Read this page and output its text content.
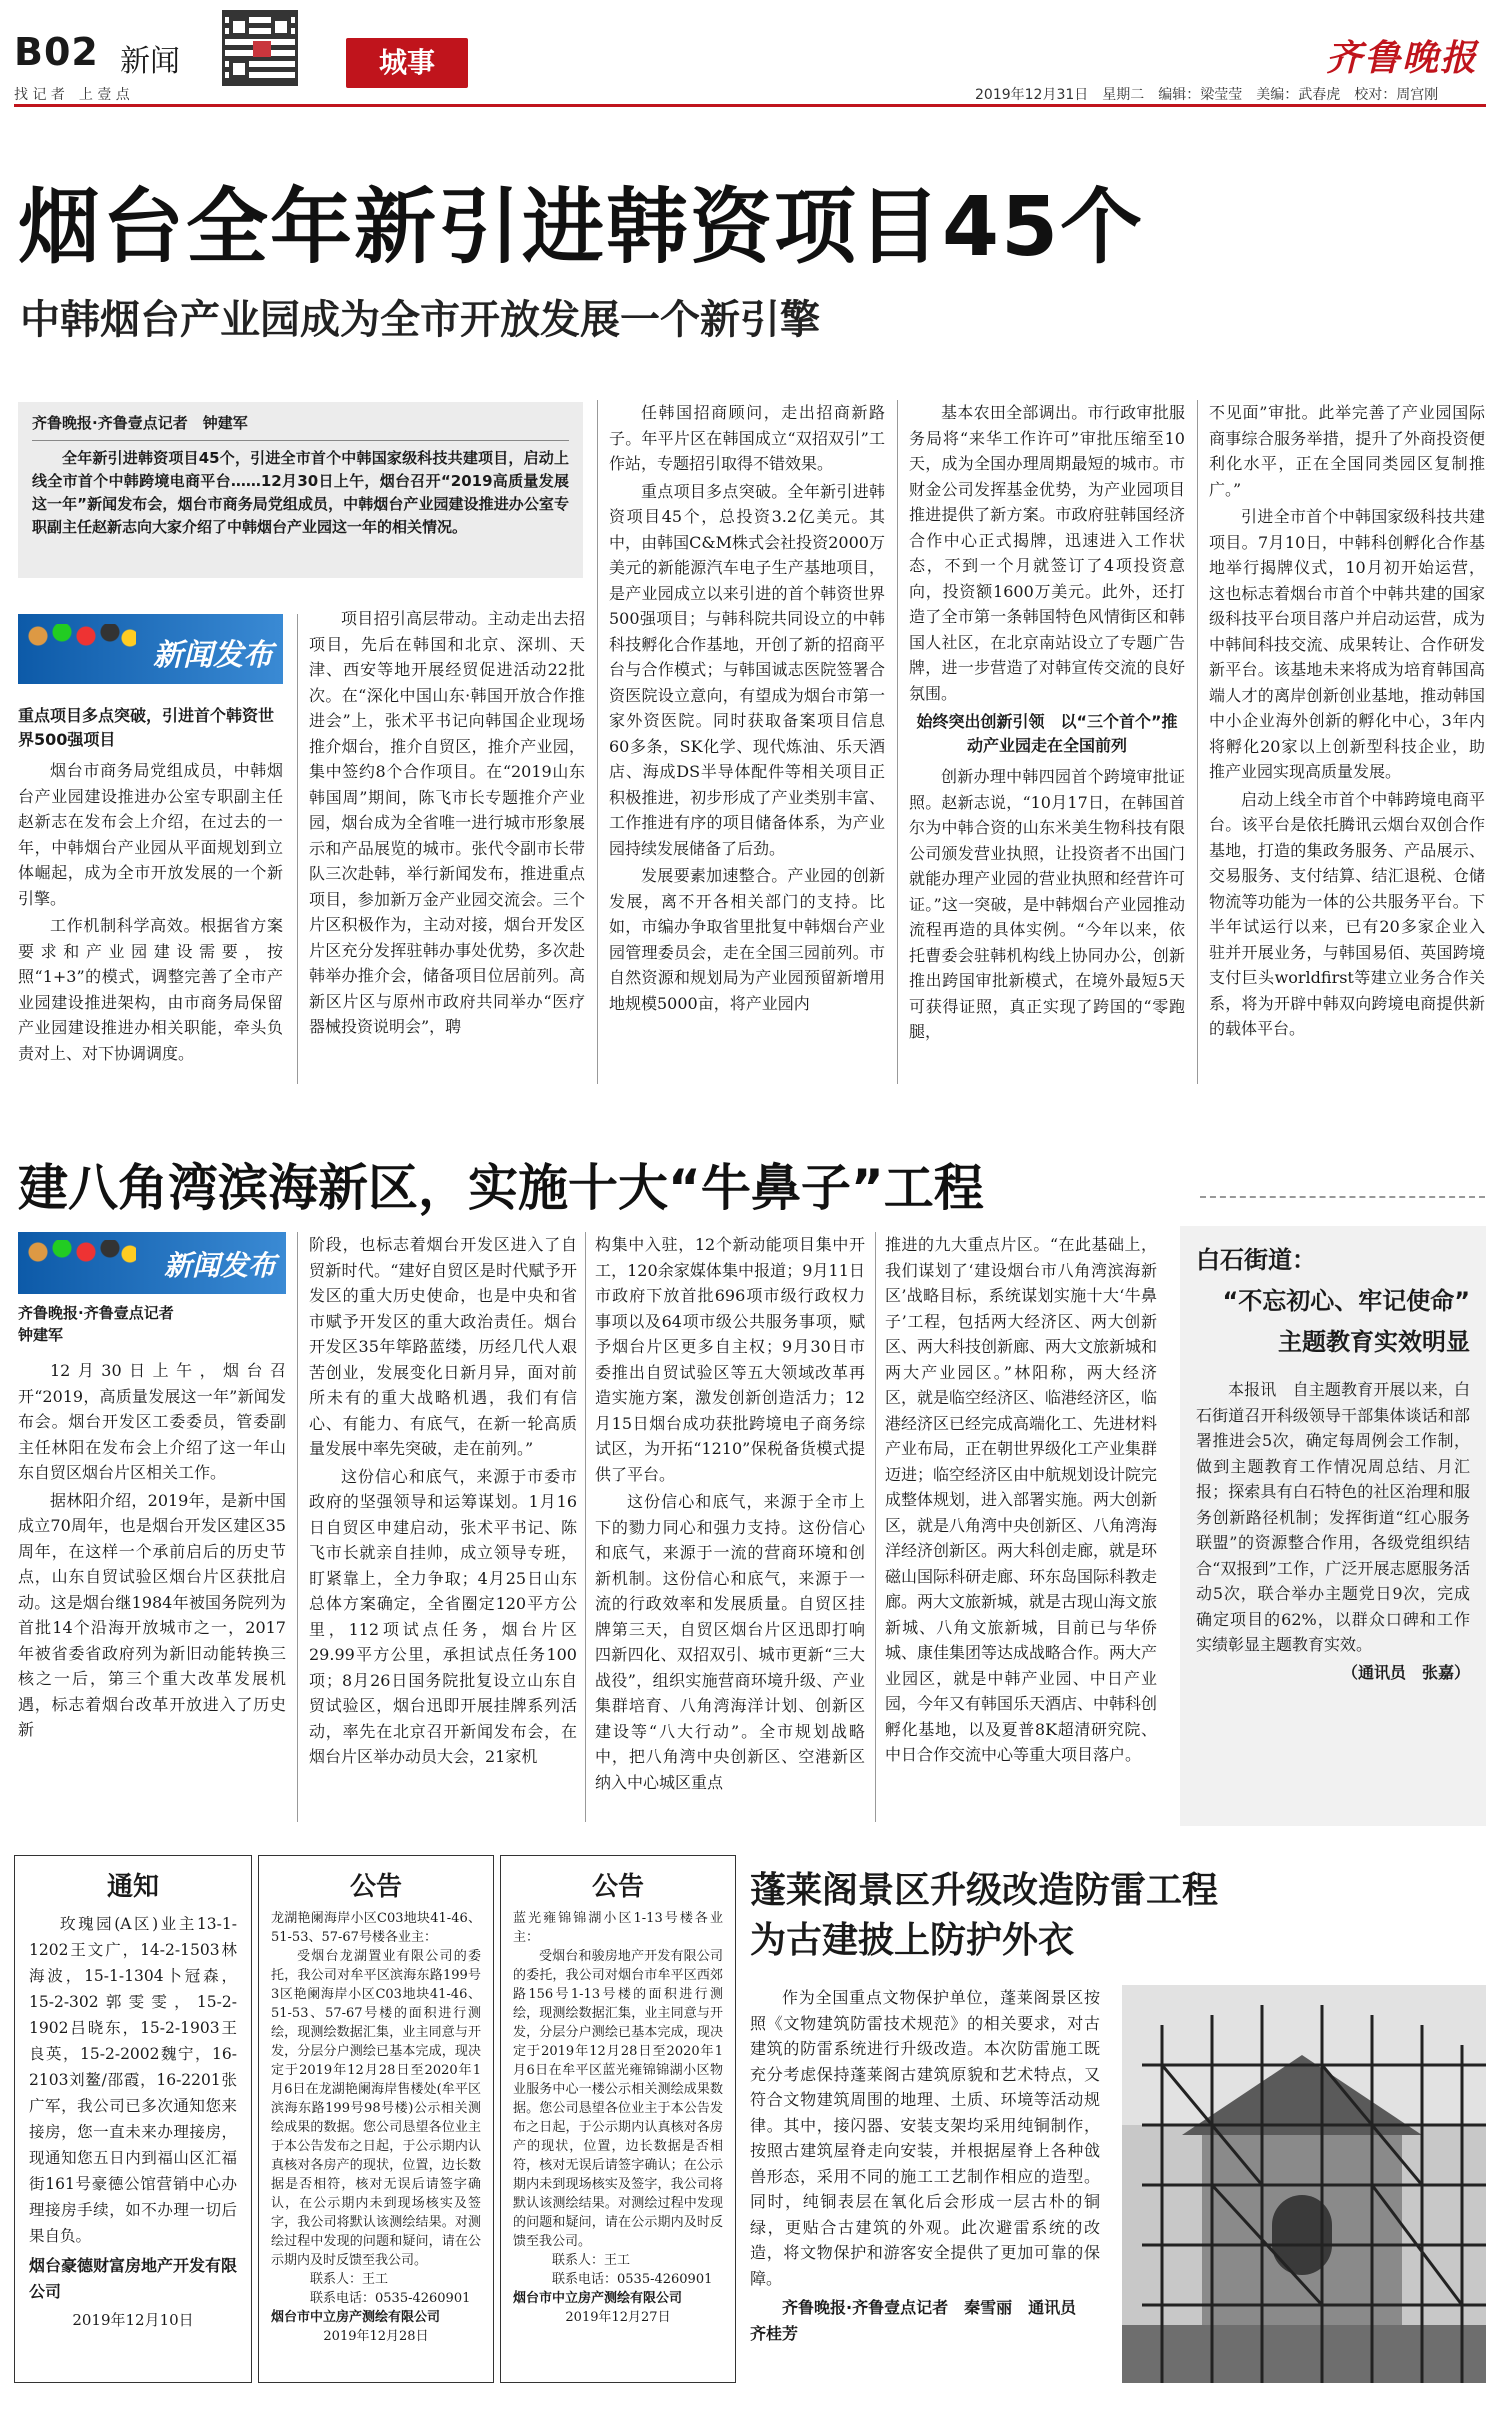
B02 新闻
找 记 者　上 壹 点
城事	齐鲁晚报
2019年12月31日　星期二　编辑：梁莹莹　美编：武春虎　校对：周宫刚
烟台全年新引进韩资项目45个
中韩烟台产业园成为全市开放发展一个新引擎
齐鲁晚报·齐鲁壹点记者　钟建军

全年新引进韩资项目45个，引进全市首个中韩国家级科技共建项目，启动上线全市首个中韩跨境电商平台……12月30日上午，烟台召开“2019高质量发展这一年”新闻发布会，烟台市商务局党组成员，中韩烟台产业园建设推进办公室专职副主任赵新志向大家介绍了中韩烟台产业园这一年的相关情况。

新闻发布
重点项目多点突破，引进首个韩资世界500强项目

烟台市商务局党组成员，中韩烟台产业园建设推进办公室专职副主任赵新志在发布会上介绍，在过去的一年，中韩烟台产业园从平面规划到立体崛起，成为全市开放发展的一个新引擎。

工作机制科学高效。根据省方案要求和产业园建设需要，按照“1+3”的模式，调整完善了全市产业园建设推进架构，由市商务局保留产业园建设推进办相关职能，牵头负责对上、对下协调调度。

项目招引高层带动。主动走出去招项目，先后在韩国和北京、深圳、天津、西安等地开展经贸促进活动22批次。在“深化中国山东·韩国开放合作推进会”上，张术平书记向韩国企业现场推介烟台，推介自贸区，推介产业园，集中签约8个合作项目。在“2019山东韩国周”期间，陈飞市长专题推介产业园，烟台成为全省唯一进行城市形象展示和产品展览的城市。张代令副市长带队三次赴韩，举行新闻发布，推进重点项目，参加新万金产业园交流会。三个片区积极作为，主动对接，烟台开发区片区充分发挥驻韩办事处优势，多次赴韩举办推介会，储备项目位居前列。高新区片区与原州市政府共同举办“医疗器械投资说明会”，聘

任韩国招商顾问，走出招商新路子。年平片区在韩国成立“双招双引”工作站，专题招引取得不错效果。

重点项目多点突破。全年新引进韩资项目45个，总投资3.2亿美元。其中，由韩国C&M株式会社投资2000万美元的新能源汽车电子生产基地项目，是产业园成立以来引进的首个韩资世界500强项目；与韩科院共同设立的中韩科技孵化合作基地，开创了新的招商平台与合作模式；与韩国诚志医院签署合资医院设立意向，有望成为烟台市第一家外资医院。同时获取备案项目信息60多条，SK化学、现代炼油、乐天酒店、海成DS半导体配件等相关项目正积极推进，初步形成了产业类别丰富、工作推进有序的项目储备体系，为产业园持续发展储备了后劲。

发展要素加速整合。产业园的创新发展，离不开各相关部门的支持。比如，市编办争取省里批复中韩烟台产业园管理委员会，走在全国三园前列。市自然资源和规划局为产业园预留新增用地规模5000亩，将产业园内

基本农田全部调出。市行政审批服务局将“来华工作许可”审批压缩至10天，成为全国办理周期最短的城市。市财金公司发挥基金优势，为产业园项目推进提供了新方案。市政府驻韩国经济合作中心正式揭牌，迅速进入工作状态，不到一个月就签订了4项投资意向，投资额1600万美元。此外，还打造了全市第一条韩国特色风情街区和韩国人社区，在北京南站设立了专题广告牌，进一步营造了对韩宣传交流的良好氛围。

始终突出创新引领　以“三个首个”推动产业园走在全国前列

创新办理中韩四园首个跨境审批证照。赵新志说，“10月17日，在韩国首尔为中韩合资的山东米美生物科技有限公司颁发营业执照，让投资者不出国门就能办理产业园的营业执照和经营许可证。”这一突破，是中韩烟台产业园推动流程再造的具体实例。“今年以来，依托曹委会驻韩机构线上协同办公，创新推出跨国审批新模式，在境外最短5天可获得证照，真正实现了跨国的“零跑腿，

不见面”审批。此举完善了产业园国际商事综合服务举措，提升了外商投资便利化水平，正在全国同类园区复制推广。”

引进全市首个中韩国家级科技共建项目。7月10日，中韩科创孵化合作基地举行揭牌仪式，10月初开始运营，这也标志着烟台市首个中韩共建的国家级科技平台项目落户并启动运营，成为中韩间科技交流、成果转让、合作研发新平台。该基地未来将成为培育韩国高端人才的离岸创新创业基地，推动韩国中小企业海外创新的孵化中心，3年内将孵化20家以上创新型科技企业，助推产业园实现高质量发展。

启动上线全市首个中韩跨境电商平台。该平台是依托腾讯云烟台双创合作基地，打造的集政务服务、产品展示、交易服务、支付结算、结汇退税、仓储物流等功能为一体的公共服务平台。下半年试运行以来，已有20多家企业入驻并开展业务，与韩国易佰、英国跨境支付巨头worldfirst等建立业务合作关系，将为开辟中韩双向跨境电商提供新的载体平台。

建八角湾滨海新区，实施十大“牛鼻子”工程
新闻发布
齐鲁晚报·齐鲁壹点记者　钟建军

12月30日上午，烟台召开“2019，高质量发展这一年”新闻发布会。烟台开发区工委委员，管委副主任林阳在发布会上介绍了这一年山东自贸区烟台片区相关工作。

据林阳介绍，2019年，是新中国成立70周年，也是烟台开发区建区35周年，在这样一个承前启后的历史节点，山东自贸试验区烟台片区获批启动。这是烟台继1984年被国务院列为首批14个沿海开放城市之一，2017年被省委省政府列为新旧动能转换三核之一后，第三个重大改革发展机遇，标志着烟台改革开放进入了历史新

阶段，也标志着烟台开发区进入了自贸新时代。“建好自贸区是时代赋予开发区的重大历史使命，也是中央和省市赋予开发区的重大政治责任。烟台开发区35年筚路蓝缕，历经几代人艰苦创业，发展变化日新月异，面对前所未有的重大战略机遇，我们有信心、有能力、有底气，在新一轮高质量发展中率先突破，走在前列。”

这份信心和底气，来源于市委市政府的坚强领导和运筹谋划。1月16日自贸区申建启动，张术平书记、陈飞市长就亲自挂帅，成立领导专班，盯紧靠上，全力争取；4月25日山东总体方案确定，全省圈定120平方公里，112项试点任务，烟台片区29.99平方公里，承担试点任务100项；8月26日国务院批复设立山东自贸试验区，烟台迅即开展挂牌系列活动，率先在北京召开新闻发布会，在烟台片区举办动员大会，21家机

构集中入驻，12个新动能项目集中开工，120余家媒体集中报道；9月11日市政府下放首批696项市级行政权力事项以及64项市级公共服务事项，赋予烟台片区更多自主权；9月30日市委推出自贸试验区等五大领域改革再造实施方案，激发创新创造活力；12月15日烟台成功获批跨境电子商务综试区，为开拓“1210”保税备货模式提供了平台。

这份信心和底气，来源于全市上下的勠力同心和强力支持。这份信心和底气，来源于一流的营商环境和创新机制。这份信心和底气，来源于一流的行政效率和发展质量。自贸区挂牌第三天，自贸区烟台片区迅即打响四新四化、双招双引、城市更新“三大战役”，组织实施营商环境升级、产业集群培育、八角湾海洋计划、创新区建设等“八大行动”。全市规划战略中，把八角湾中央创新区、空港新区纳入中心城区重点

推进的九大重点片区。“在此基础上，我们谋划了‘建设烟台市八角湾滨海新区’战略目标，系统谋划实施十大‘牛鼻子’工程，包括两大经济区、两大创新区、两大科技创新廊、两大文旅新城和两大产业园区。”林阳称，两大经济区，就是临空经济区、临港经济区，临港经济区已经完成高端化工、先进材料产业布局，正在朝世界级化工产业集群迈进；临空经济区由中航规划设计院完成整体规划，进入部署实施。两大创新区，就是八角湾中央创新区、八角湾海洋经济创新区。两大科创走廊，就是环磁山国际科研走廊、环东岛国际科教走廊。两大文旅新城，就是古现山海文旅新城、八角文旅新城，目前已与华侨城、康佳集团等达成战略合作。两大产业园区，就是中韩产业园、中日产业园，今年又有韩国乐天酒店、中韩科创孵化基地，以及夏普8K超清研究院、中日合作交流中心等重大项目落户。

白石街道：
“不忘初心、牢记使命”
主题教育实效明显

本报讯　自主题教育开展以来，白石街道召开科级领导干部集体谈话和部署推进会5次，确定每周例会工作制，做到主题教育工作情况周总结、月汇报；探索具有白石特色的社区治理和服务创新路径机制；发挥街道“红心服务联盟”的资源整合作用，各级党组织结合“双报到”工作，广泛开展志愿服务活动5次，联合举办主题党日9次，完成确定项目的62%，以群众口碑和工作实绩彰显主题教育实效。

（通讯员　张嘉）
通知

玫瑰园(A区)业主13-1-1202王文广，14-2-1503林海波，15-1-1304卜冠森，15-2-302郭雯雯，15-2-1902吕晓东，15-2-1903王良英，15-2-2002魏宁，16-2103刘鳌/邵霞，16-2201张广军，我公司已多次通知您来接房，您一直未来办理接房，现通知您五日内到福山区汇福街161号豪德公馆营销中心办理接房手续，如不办理一切后果自负。

烟台豪德财富房地产开发有限公司
2019年12月10日
公告
龙湖艳阑海岸小区C03地块41-46、51-53、57-67号楼各业主：

受烟台龙湖置业有限公司的委托，我公司对牟平区滨海东路199号3区艳阑海岸小区C03地块41-46、51-53、57-67号楼的面积进行测绘，现测绘数据汇集，业主同意与开发，分层分户测绘已基本完成，现决定于2019年12月28日至2020年1月6日在龙湖艳阑海岸售楼处(牟平区滨海东路199号98号楼)公示相关测绘成果的数据。您公司恳望各位业主于本公告发布之日起，于公示期内认真核对各房产的现状，位置，边长数据是否相符，核对无误后请签字确认，在公示期内未到现场核实及签字，我公司将默认该测绘结果。对测绘过程中发现的问题和疑问，请在公示期内及时反馈至我公司。

联系人：王工
联系电话：0535-4260901
烟台市中立房产测绘有限公司
2019年12月28日
公告
蓝光雍锦锦湖小区1-13号楼各业主：

受烟台和骏房地产开发有限公司的委托，我公司对烟台市牟平区西郊路156号1-13号楼的面积进行测绘，现测绘数据汇集，业主同意与开发，分层分户测绘已基本完成，现决定于2019年12月28日至2020年1月6日在牟平区蓝光雍锦锦湖小区物业服务中心一楼公示相关测绘成果数据。您公司恳望各位业主于本公告发布之日起，于公示期内认真核对各房产的现状，位置，边长数据是否相符，核对无误后请签字确认；在公示期内未到现场核实及签字，我公司将默认该测绘结果。对测绘过程中发现的问题和疑问，请在公示期内及时反馈至我公司。

联系人：王工
联系电话：0535-4260901
烟台市中立房产测绘有限公司
2019年12月27日
蓬莱阁景区升级改造防雷工程
为古建披上防护外衣

作为全国重点文物保护单位，蓬莱阁景区按照《文物建筑防雷技术规范》的相关要求，对古建筑的防雷系统进行升级改造。本次防雷施工既充分考虑保持蓬莱阁古建筑原貌和艺术特点，又符合文物建筑周围的地理、土质、环境等活动规律。其中，接闪器、安装支架均采用纯铜制作，按照古建筑屋脊走向安装，并根据屋脊上各种戗兽形态，采用不同的施工工艺制作相应的造型。同时，纯铜表层在氧化后会形成一层古朴的铜绿，更贴合古建筑的外观。此次避雷系统的改造，将文物保护和游客安全提供了更加可靠的保障。

齐鲁晚报·齐鲁壹点记者　秦雪丽　通讯员　齐桂芳
